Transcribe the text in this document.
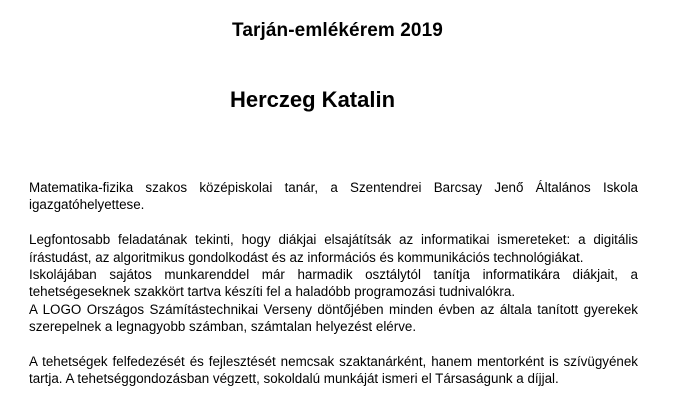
Tarján-emlékérem 2019
Herczeg Katalin

Matematika-fizika szakos középiskolai tanár, a Szentendrei Barcsay Jenő Általános Iskola igazgatóhelyettese.

Legfontosabb feladatának tekinti, hogy diákjai elsajátítsák az informatikai ismereteket: a digitális írástudást, az algoritmikus gondolkodást és az információs és kommunikációs technológiákat.

Iskolájában sajátos munkarenddel már harmadik osztálytól tanítja informatikára diákjait, a tehetségeseknek szakkört tartva készíti fel a haladóbb programozási tudnivalókra.

A LOGO Országos Számítástechnikai Verseny döntőjében minden évben az általa tanított gyerekek szerepelnek a legnagyobb számban, számtalan helyezést elérve.

A tehetségek felfedezését és fejlesztését nemcsak szaktanárként, hanem mentorként is szívügyének tartja. A tehetséggondozásban végzett, sokoldalú munkáját ismeri el Társaságunk a díjjal.
